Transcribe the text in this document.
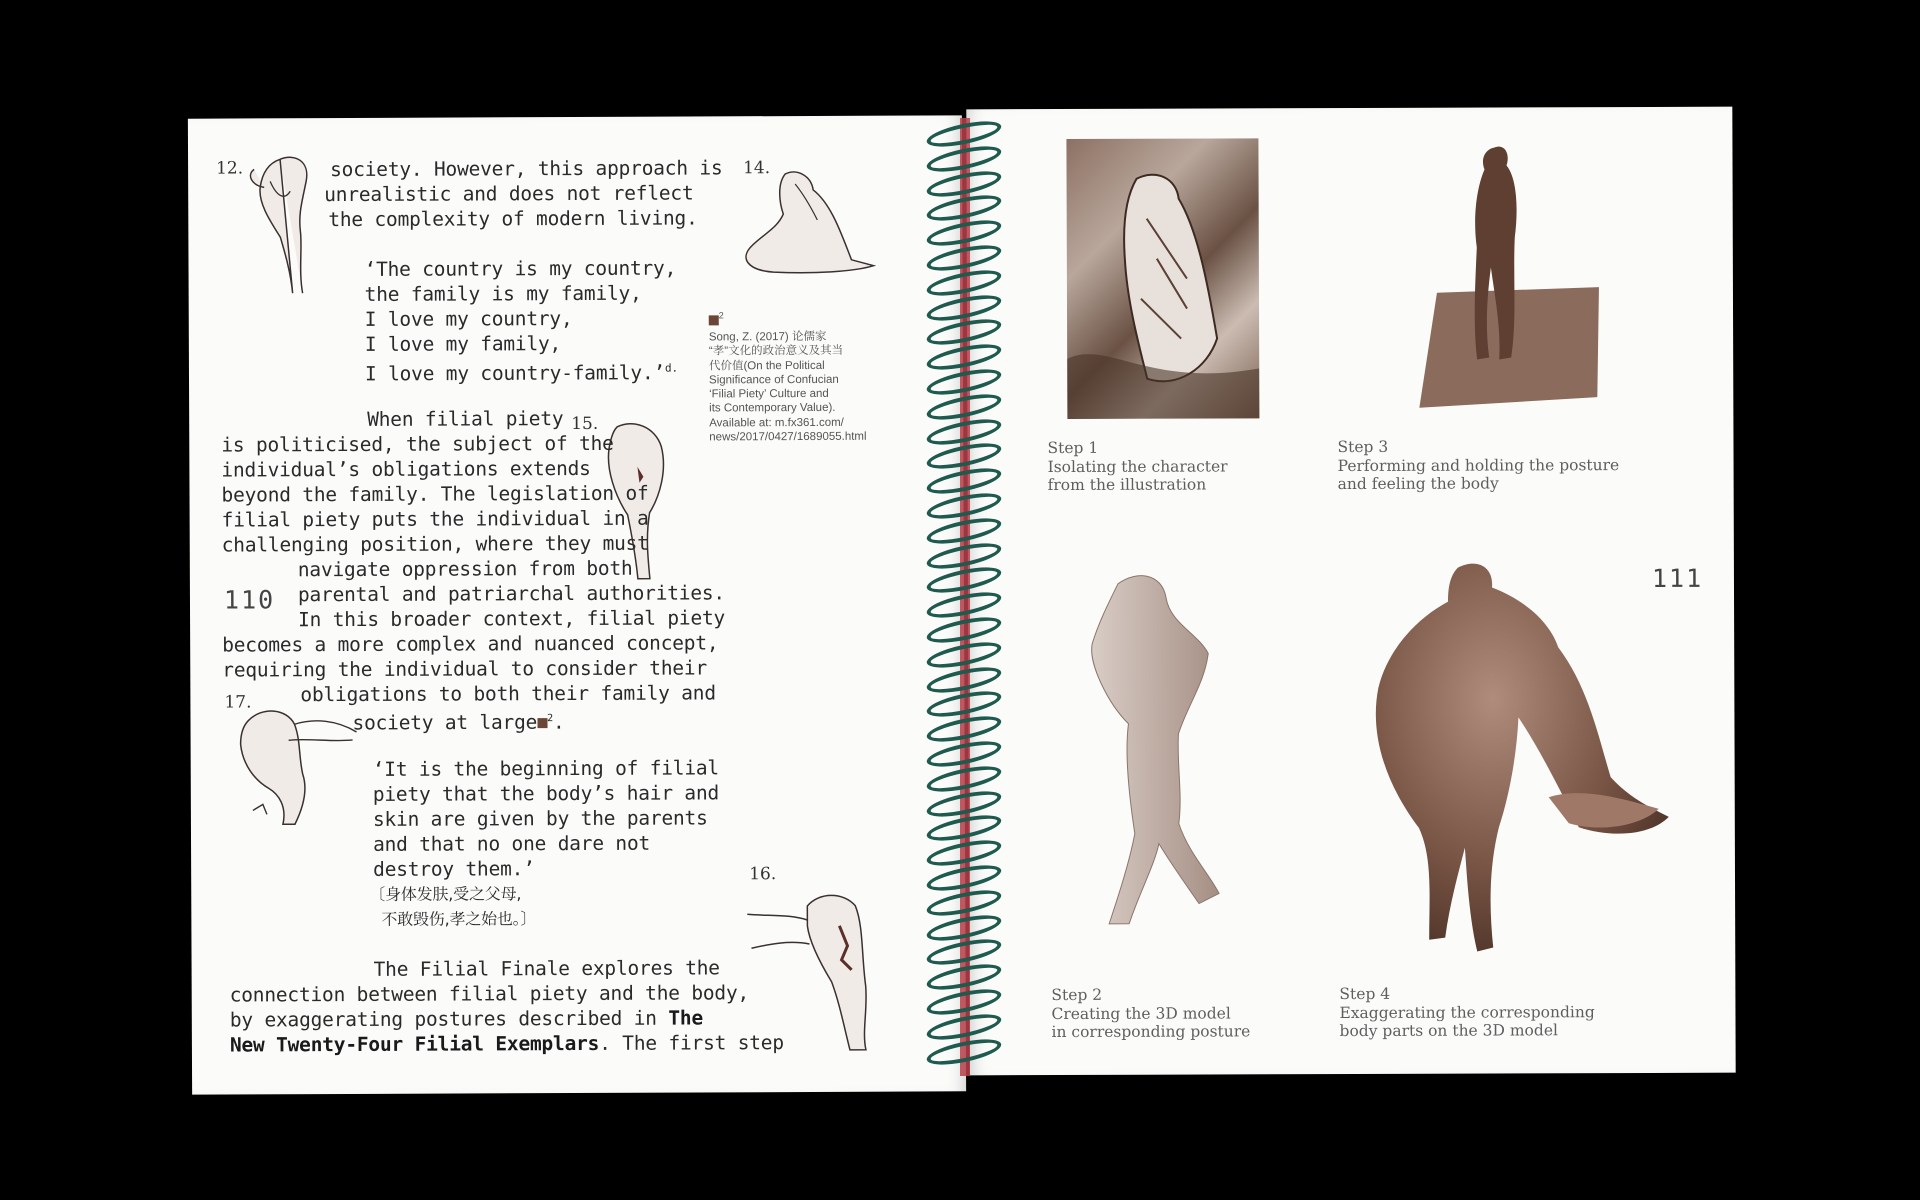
12.	14.
15.
16.
17.
110
society. However, this approach is
unrealistic and does not reflect
the complexity of modern living.
‘The country is my country,
the family is my family,
I love my country,
I love my family,
I love my country-family.’$^{d.}$
When filial piety
is politicised, the subject of the
individual’s obligations extends
beyond the family. The legislation of
filial piety puts the individual in a
challenging position, where they must
navigate oppression from both
parental and patriarchal authorities.
In this broader context, filial piety
becomes a more complex and nuanced concept,
requiring the individual to consider their
obligations to both their family and
society at large $^2$.
‘It is the beginning of filial
piety that the body’s hair and
skin are given by the parents
and that no one dare not
destroy them.’
〔身体发肤,受之父母,
不敢毁伤,孝之始也。〕
The Filial Finale explores the
connection between filial piety and the body,
by exaggerating postures described in The
New Twenty-Four Filial Exemplars. The first step
$^2$
Song, Z. (2017) 论儒家
“孝”文化的政治意义及其当
代价值(On the Political
Significance of Confucian
‘Filial Piety’ Culture and
its Contemporary Value).
Available at: m.fx361.com/
news/2017/0427/1689055.html
Step 1
Isolating the character
from the illustration
Step 3
Performing and holding the posture
and feeling the body
Step 2
Creating the 3D model
in corresponding posture
Step 4
Exaggerating the corresponding
body parts on the 3D model
111
